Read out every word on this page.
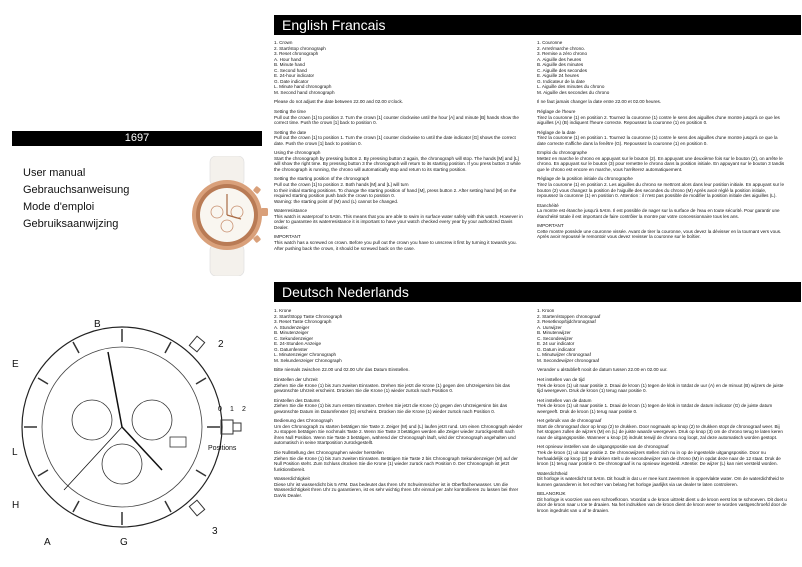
English Francais
Deutsch Nederlands
1697
User manual
Gebrauchsanweisung
Mode d'emploi
Gebruiksaanwijzing
B
2
E
L
H
A	G
3
0 1 2
Positions

1. Crown
2. Start/stop chronograph
3. Reset chronograph
A. Hour hand
B. Minute hand
C. Second hand
E. 24-hour indicator
G. Date indicator
L. Minute hand chronograph
M. Second hand chronograph

Please do not adjust the date between 22.00 and 02.00 o'clock.

Setting the time
Pull out the crown [1] to position 2. Turn the crown [1] counter clockwise until the hour [A] and minute [B] hands show the correct time. Push the crown [1] back to position 0.

Setting the date
Pull out the crown [1] to position 1. Turn the crown [1] counter clockwise to until the date indicator [G] shows the correct date. Push the crown [1] back to position 0.

Using the chronograph
Start the chronograph by pressing button 2. By pressing button 2 again, the chronograph will stop. The hands [M] and [L] will show the right time. By pressing button 3 the chronograph will return to its starting position. If you press button 3 while the chronograph is running, the chrono will automatically stop and return to its starting position.

Setting the starting position of the chronograph
Pull out the crown [1] to position 2. Both hands [M] and [L] will turn
to their initial starting positions. To change the starting position of hand [M], press button 2. After setting hand [M] on the required starting position push back the crown to position 0.
Warning: the starting point of (M) and (L) cannot be changed.

Waterresistance
This watch is waterproof to 5Atm. This means that you are able to swim in surface water safely with this watch. However in order to guarantee its waterresistance it is important to have your watch checked every year by your authorized Davis Dealer.

IMPORTANT
This watch has a screwed on crown. Before you pull out the crown you have to unscrew it first by turning it towards you. After pushing back the crown, it should be screwed back on the case.

1. Couronne
2. Arret/marche chrono.
3. Remise a zéro chrono
A. Aiguille des heures
B. Aiguille des minutes
C. Aiguille des secondes
E. Aiguille 24 heures
G. Indicateur de la date
L. Aiguille des minutes du chrono
M. Aiguille des secondes du chrono

Il ne faut jamais changer la date entre 22.00 et 02.00 heures.

Réglage de l'heure
Tirez la couronne (1) en position 2. Tournez la couronne (1) contre le sens des aiguilles d'une montre jusqu'à ce que les aiguilles (A) (B) indiquent l'heure correcte. Repoussez la couronne (1) en position 0.

Réglage de la date
Tirez la couronne (1) en position 1. Tournez la couronne (1) contre le sens des aiguilles d'une montre jusqu'à ce que la date correcte s'affiche dans la fenêtre (G). Repoussez la couronne (1) en position 0.

Emploi du chronographe
Mettez en marche le chrono en appuyant sur le bouton (2). En appuyant une deuxième fois sur le bouton (2), on arrête le chrono. En appuyant sur le bouton (3) pour remettre le chrono dans la position initiale. En appuyant sur le bouton 3 tandis que le chrono est encore en marche, vous l'arrêterez automatiquement.

Réglage de la position initiale du chronographe
Tirez la couronne (1) en position 2. Les aiguilles du chrono se mettront alors dans leur position initiale. En appuyant sur le bouton (2) vous changez la position de l'aiguille des secondes du chrono (M) Après avoir réglé la position initiale, repoussez la couronne (1) en position 0. Attention : il n'est pas possible de modifier la position initiale des aiguilles (L).

Etanchéité
La montre est étanche jusqu'à 5Atm. Il est possible de nager sur la surface de l'eau en toute sécurité. Pour garantir une étanchéité totale il est important de faire contrôler la montre par votre concessionnaire tous les ans.

IMPORTANT
Cette montre possède une couronne vissée. Avant de tirer la couronne, vous devez la dévisser en la tournant vers vous. Après avoir repoussé le remontoir vous devez revisser la couronne sur le boîtier.

1. Krone
2. Start/Stopp Taste Chronograph
3. Reset Taste Chronograph
A. Stundenzeiger
B. Minutenzeiger
C. Sekundenzeiger
E. 24-Stunden Anzeige
G. Datumfenster
L. Minutenzeiger Chronograph
M. Sekundenzeiger Chronograph

Bitte niemals zwischen 22.00 und 02.00 Uhr das Datum Einstellen.

Einstellen der Uhrzeit
Ziehen Sie die Krone (1) bis zum zweiten Einrasten. Drehen Sie jetzt die Krone (1) gegen den Uhrzeigersinn bis das gewünschte Uhrzeit erscheint. Drücken Sie die Krone (1) wieder zurück nach Position 0.

Einstellen des Datums
Ziehen Sie die Krone (1) bis zum ersten Einrasten. Drehen Sie jetzt die Krone (1) gegen den Uhrzeigersinn bis das gewünschte Datum im Datumfenster (G) erscheint. Drücken Sie die Krone (1) wieder zurück nach Position 0.

Bedienung des Chronograph
Um den Chronograph zu starten betätigen Sie Taste 2. Zeiger (M) und (L) laufen jetzt rund. Um einen Chronograph wieder zu stoppen betätigen Sie nochmals Taste 2. Wenn Sie Taste 3 betätigen werden alle Zeiger wieder zurückgestellt nach ihren Null Position. Wenn Sie Taste 3 betätigen, während der Chronograph läuft, wird der Chronograph angehalten und automatisch in seine Startposition zurückgestellt.

Die Nullstellung des Chronographen wieder herstellen
Ziehen Sie die Krone (1) bis zum zweiten Einrasten. Betätigen Sie Taste 2 bis Chronograph Sekundenzeiger (M) auf der Null Position steht. Zum Schluss drücken Sie die Krone (1) wieder zurück nach Position 0. Der Chronograph ist jetzt funktionsbereit.

Wasserdichtigkeit
Diese Uhr ist wasserdicht bis 5 ATM. Das bedeutet das Ihren Uhr Schwimmsicher ist in Oberflächenwasser. Um die Wasserdichtigkeit Ihren Uhr zu garantieren, ist es sehr wichtig Ihren Uhr einmal per Jahr kontrollieren zu lassen bei Ihrer DaVis Dealer.

1. Kroon
2. Starten/stoppen chronograaf
3. Resetknop/tijdchronograaf
A. Uurwijzer
B. Minutenwijzer
C. Secondewijzer
E. 24 uur indicator
G. Datum indicator
L. Minutwijzer chronograaf
M. Secondewijzer chronograaf

Verander u alstublieft nooit de datum tussen 22.00 en 02.00 uur.

Het instellen van de tijd
Trek de kroon (1) uit naar positie 2. Draai de kroon (1) tegen de klok in totdat de uur (A) en de minuut (B) wijzers de juiste tijd weergeven. Druk de kroon (1) terug naar positie 0.

Het instellen van de datum
Trek de kroon (1) uit naar positie 1. Draai de kroon (1) tegen de klok in totdat de datum indicator (G) de juiste datum weergeeft. Druk de kroon (1) terug naar positie 0.

Het gebruik van de chronograaf
Start de chronograaf door op knop (2) te drukken. Door nogmaals op knop (2) te drukken stopt de chronograaf weer. Bij het stoppen zullen de wijzers (M) en (L) de juiste waarde weergeven. Druk op knop (3) om de chrono terug te laten keren naar de uitgangspositie. Wanneer u knop (3) indrukt terwijl de chrono nog loopt, zal deze automatisch worden gestopt.

Het opnieuw instellen van de uitgangspositie van de chronograaf
Trek de kroon (1) uit naar positie 2. De chronowijzers stellen zich nu in op de ingestelde uitgangspositie. Door nu herhaaldelijk op knop (2) te drukken stelt u de secondewijzer van de chrono (M) in opdat deze naar de 12 staat. Druk de kroon (1) terug naar positie 0. De chronograaf is nu opnieuw ingesteld. Attentie: De wijzer (L) kan niet versteld worden.

Waterdichtheid
Dit horloge is waterdicht tot 5Atm. Dit houdt in dat u er mee kunt zwemmen in oppervlakte water. Om de waterdichtheid te kunnen garanderen is het echter van belang het horloge jaarlijks via uw dealer te laten controleren.

BELANGRIJK
Dit horloge is voorzien van een schroefkroon. Voordat u de kroon uittrekt dient u de kroon eerst los te schroeven. Dit doet u door de kroon naar u toe te draaien. Na het indrukken van de kroon dient de kroon weer te worden vastgeschroefd door de kroon ingedrukt van u af te draaien.
